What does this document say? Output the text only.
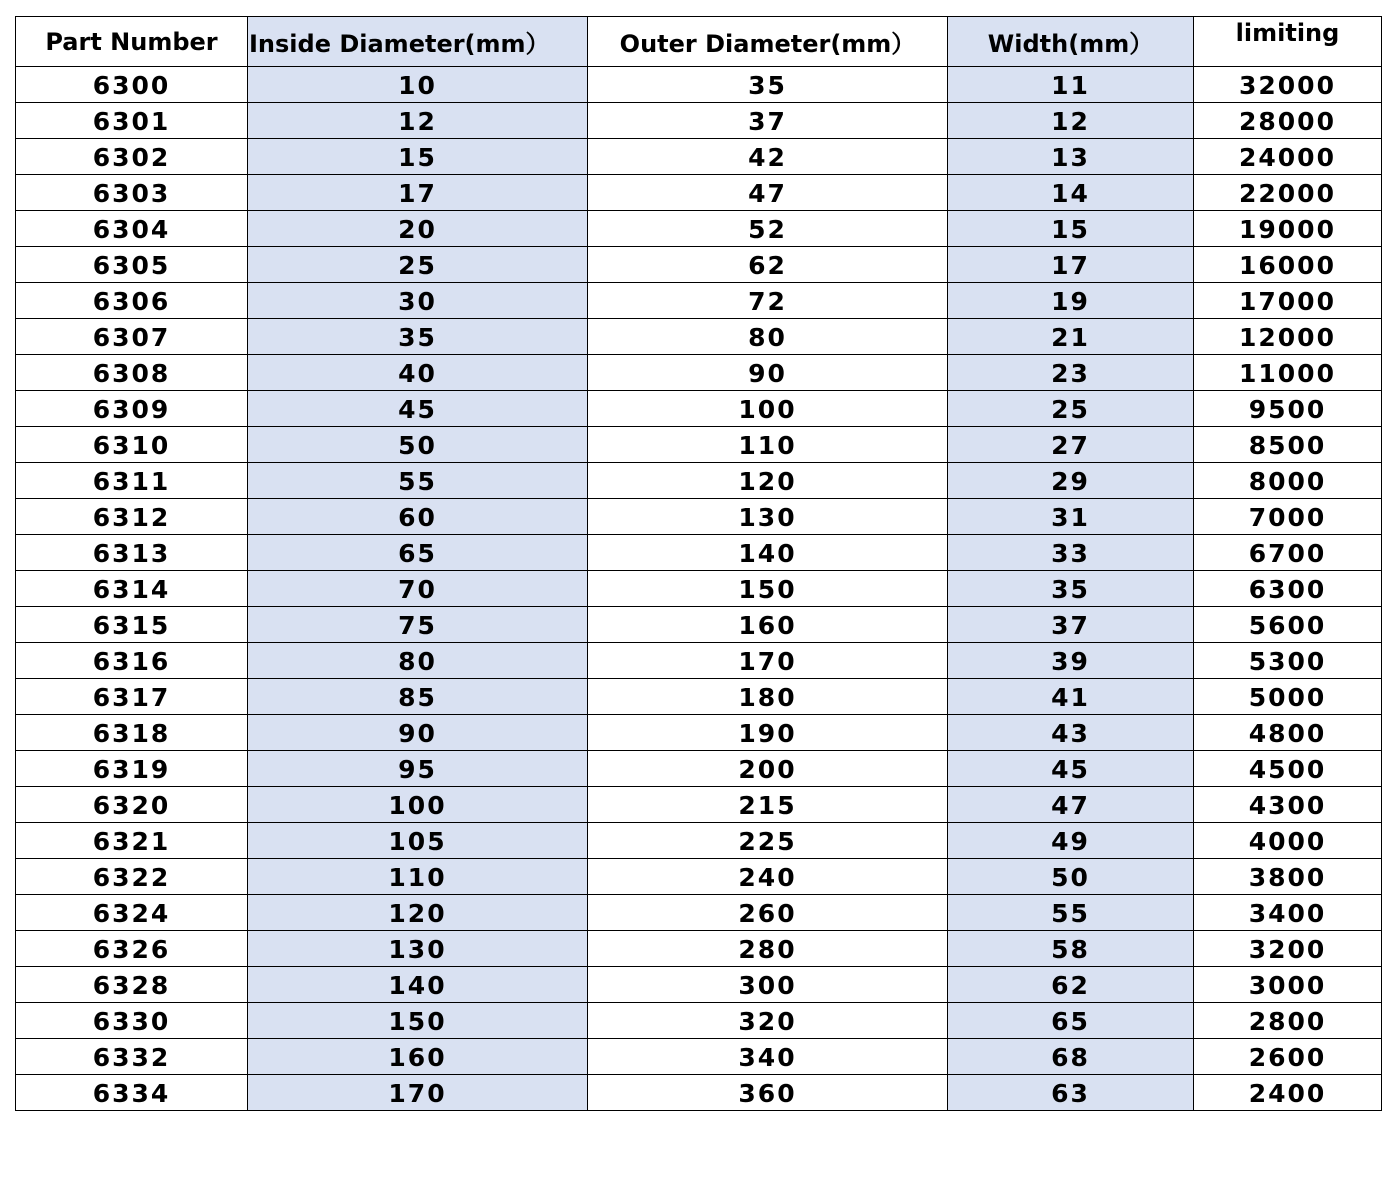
Part Number	Inside Diameter(mm）	Outer Diameter(mm）	Width(mm）	limiting
6300	10	35	11	32000
6301	12	37	12	28000
6302	15	42	13	24000
6303	17	47	14	22000
6304	20	52	15	19000
6305	25	62	17	16000
6306	30	72	19	17000
6307	35	80	21	12000
6308	40	90	23	11000
6309	45	100	25	9500
6310	50	110	27	8500
6311	55	120	29	8000
6312	60	130	31	7000
6313	65	140	33	6700
6314	70	150	35	6300
6315	75	160	37	5600
6316	80	170	39	5300
6317	85	180	41	5000
6318	90	190	43	4800
6319	95	200	45	4500
6320	100	215	47	4300
6321	105	225	49	4000
6322	110	240	50	3800
6324	120	260	55	3400
6326	130	280	58	3200
6328	140	300	62	3000
6330	150	320	65	2800
6332	160	340	68	2600
6334	170	360	63	2400
